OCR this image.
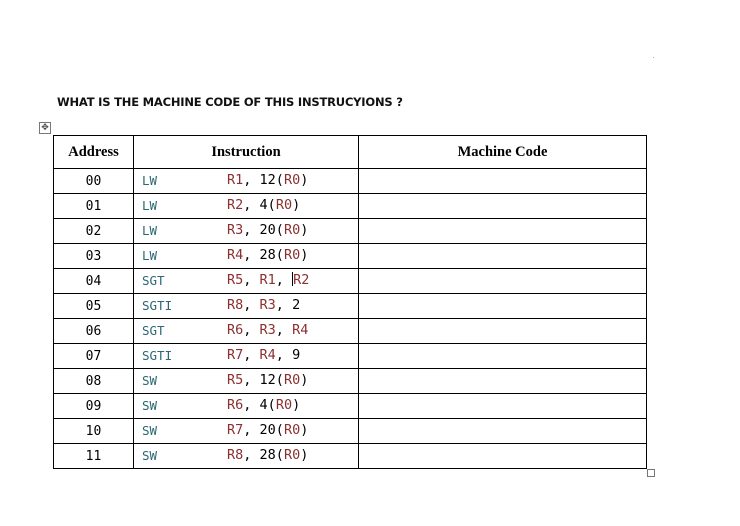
WHAT IS THE MACHINE CODE OF THIS INSTRUCYIONS ?
✥
Address	Instruction	Machine Code
00	LW R1, 12(R0)	

01	LW R2, 4(R0)	

02	LW R3, 20(R0)	

03	LW R4, 28(R0)	

04	SGT R5, R1, R2	

05	SGTI R8, R3, 2	

06	SGT R6, R3, R4	

07	SGTI R7, R4, 9	

08	SW R5, 12(R0)	

09	SW R6, 4(R0)	

10	SW R7, 20(R0)	

11	SW R8, 28(R0)	
